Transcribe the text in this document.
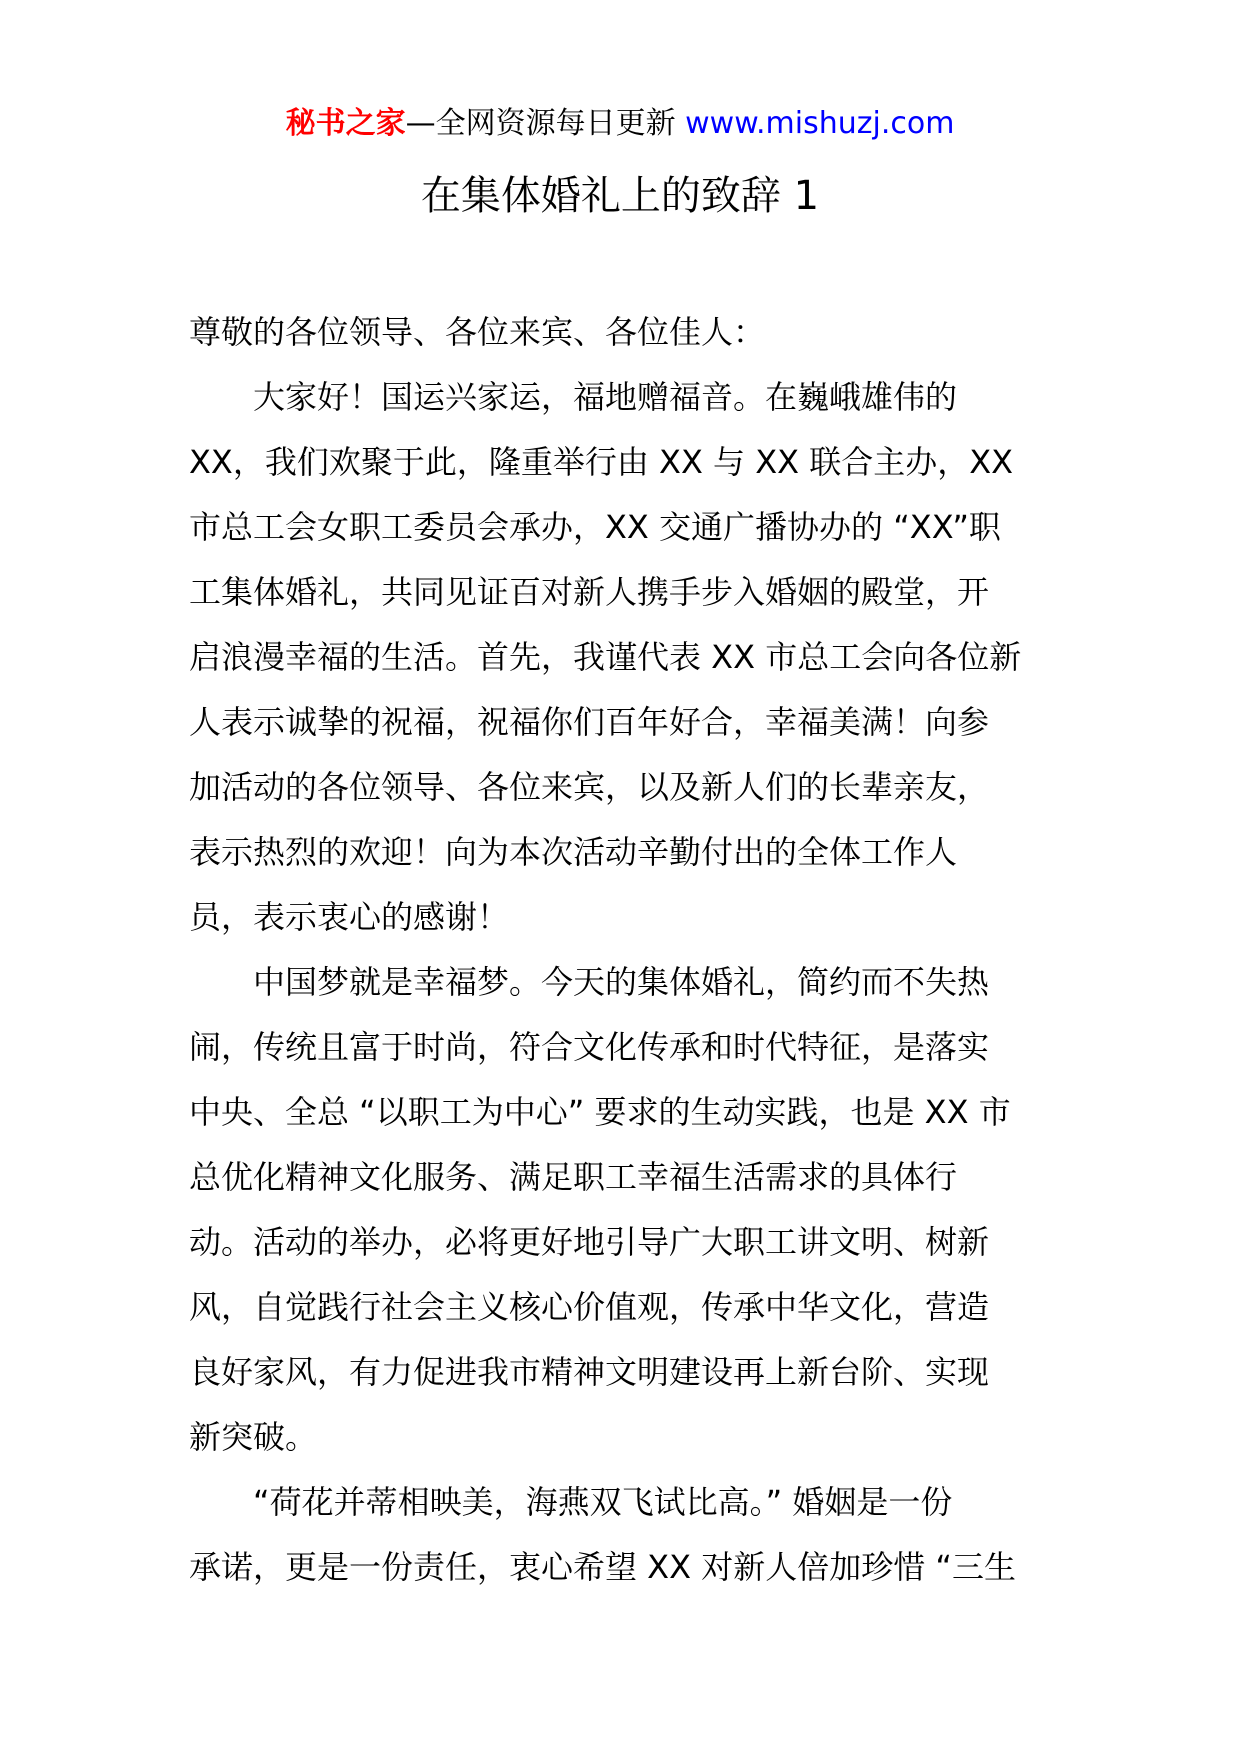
秘书之家—全网资源每日更新 www.mishuzj.com
在集体婚礼上的致辞 1
尊敬的各位领导、各位来宾、各位佳人：
大家好！国运兴家运，福地赠福音。在巍峨雄伟的
XX，我们欢聚于此，隆重举行由 XX 与 XX 联合主办，XX
市总工会女职工委员会承办，XX 交通广播协办的 “XX”职
工集体婚礼，共同见证百对新人携手步入婚姻的殿堂，开
启浪漫幸福的生活。首先，我谨代表 XX 市总工会向各位新
人表示诚挚的祝福，祝福你们百年好合，幸福美满！向参
加活动的各位领导、各位来宾，以及新人们的长辈亲友，
表示热烈的欢迎！向为本次活动辛勤付出的全体工作人
员，表示衷心的感谢！
中国梦就是幸福梦。今天的集体婚礼，简约而不失热
闹，传统且富于时尚，符合文化传承和时代特征，是落实
中央、全总 “以职工为中心” 要求的生动实践，也是 XX 市
总优化精神文化服务、满足职工幸福生活需求的具体行
动。活动的举办，必将更好地引导广大职工讲文明、树新
风，自觉践行社会主义核心价值观，传承中华文化，营造
良好家风，有力促进我市精神文明建设再上新台阶、实现
新突破。
“荷花并蒂相映美，海燕双飞试比高。” 婚姻是一份
承诺，更是一份责任，衷心希望 XX 对新人倍加珍惜 “三生
